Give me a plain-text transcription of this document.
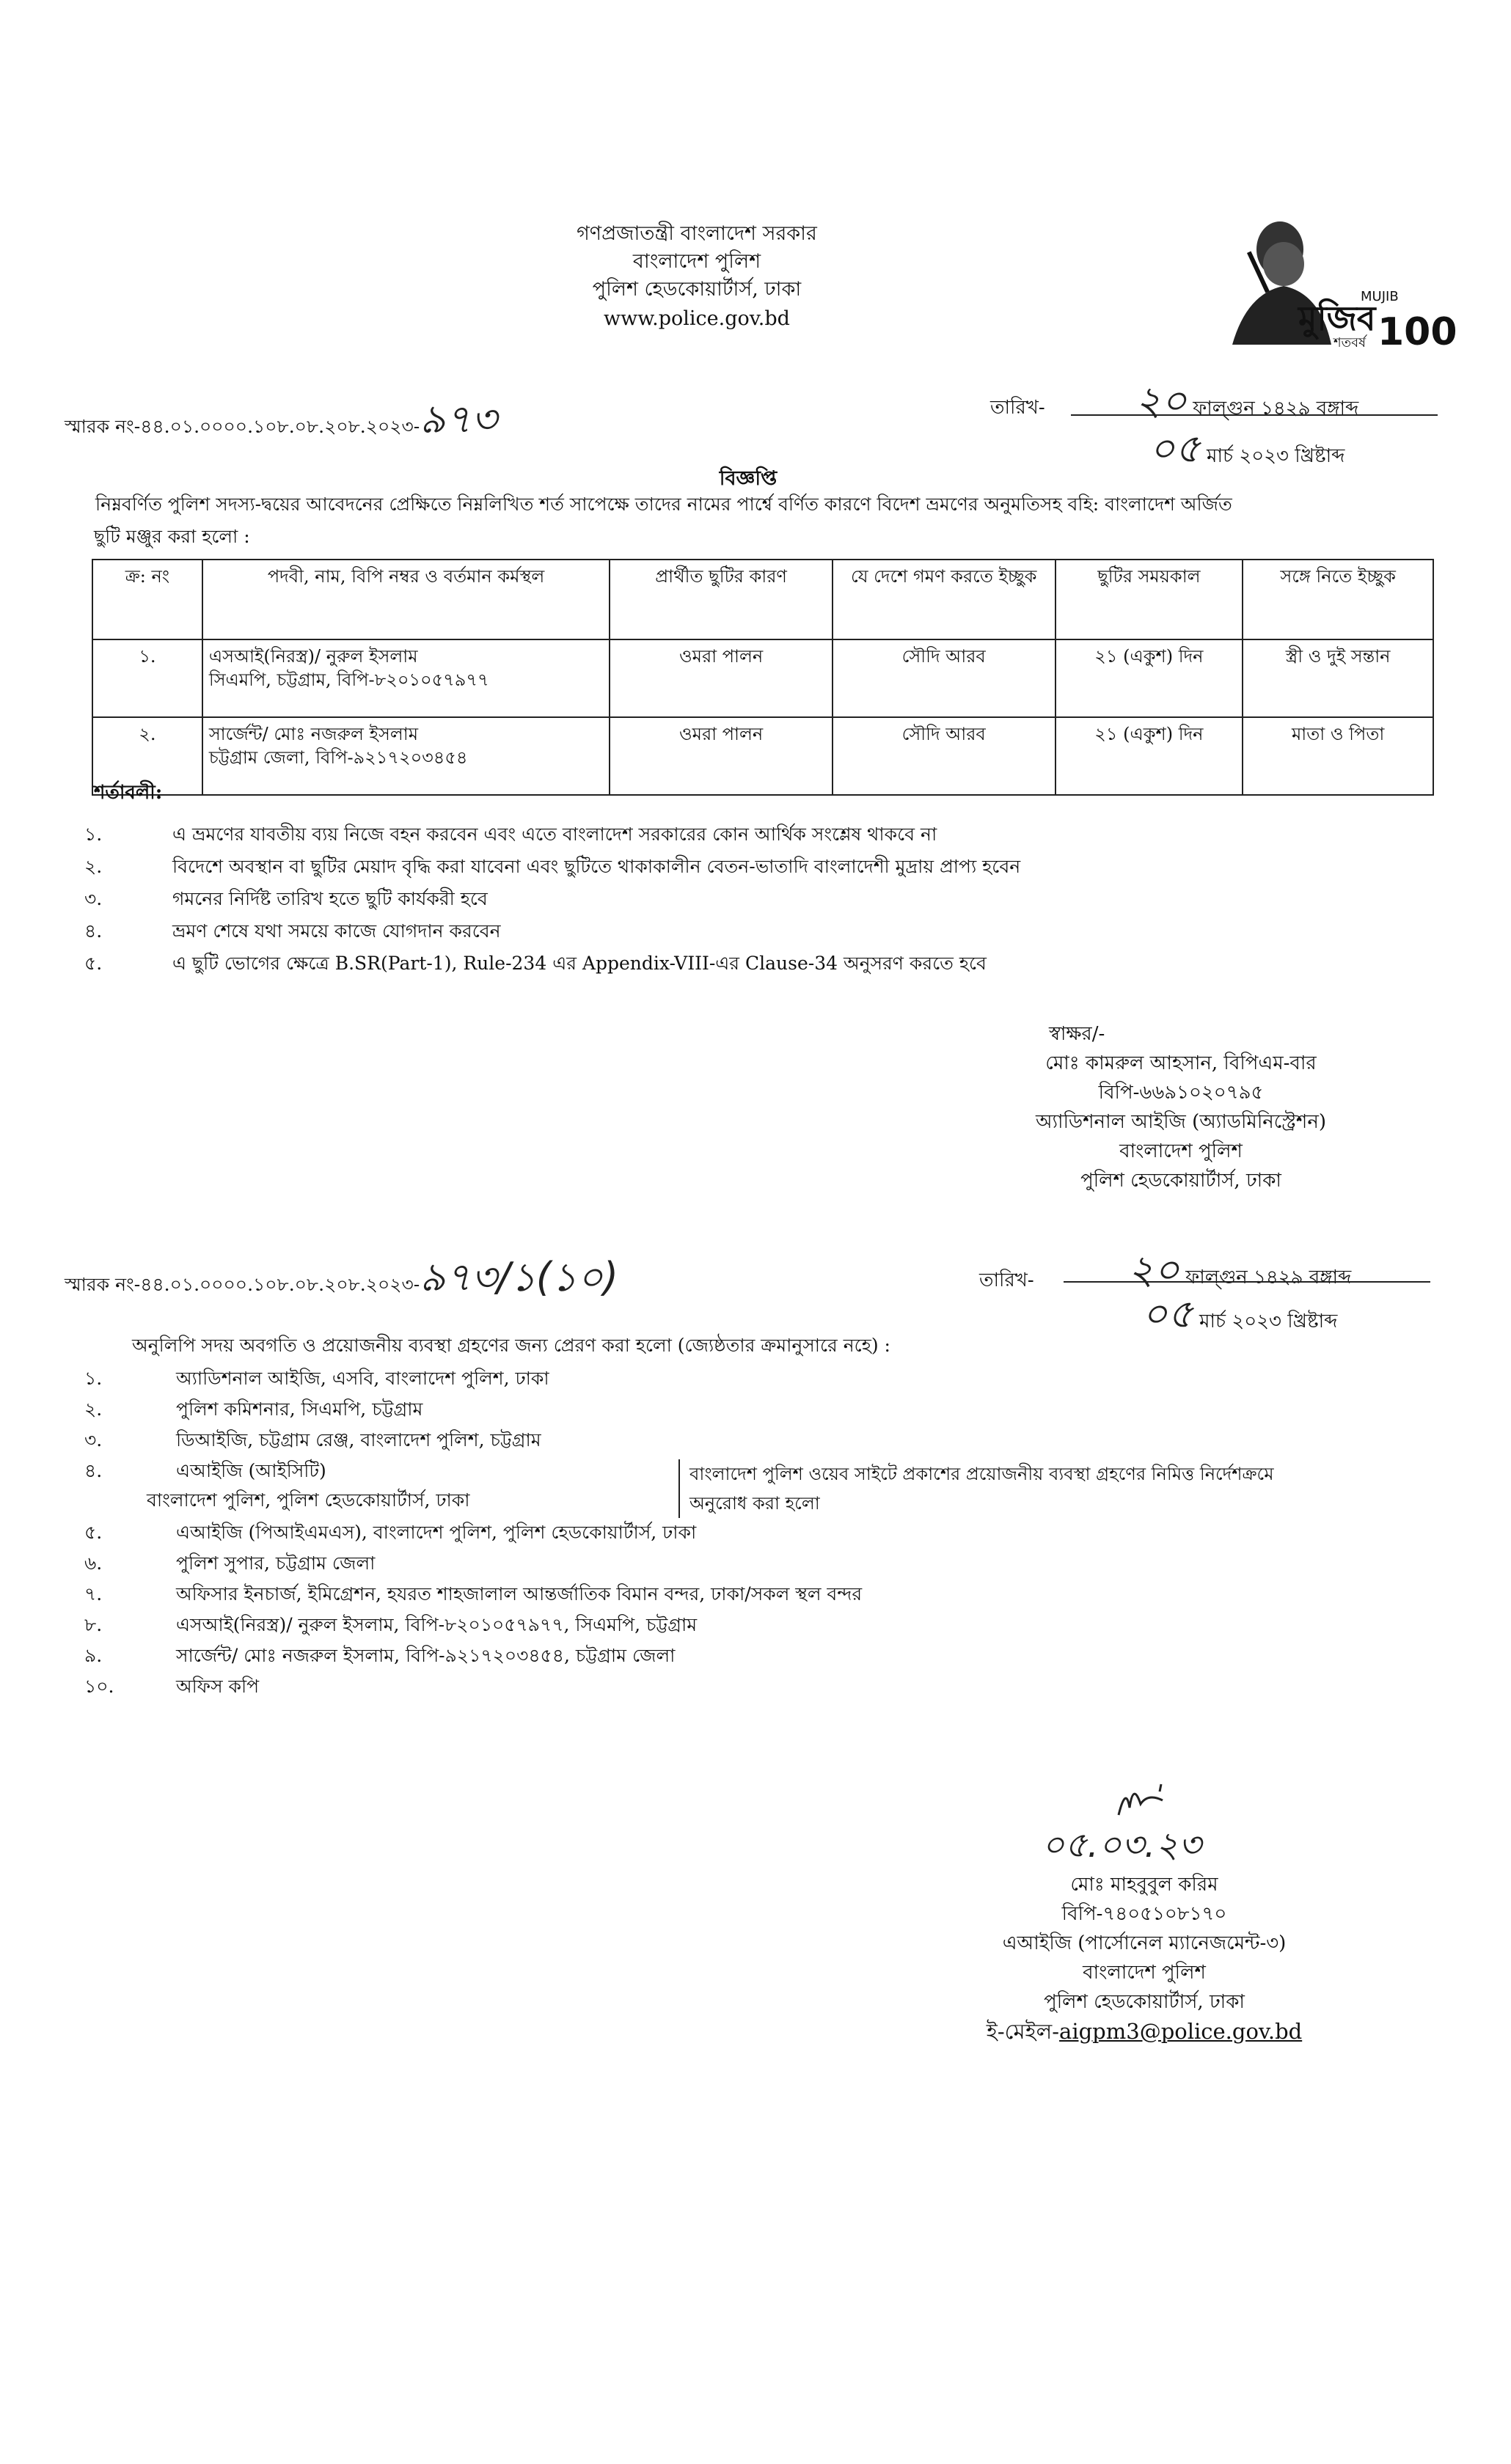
গণপ্রজাতন্ত্রী বাংলাদেশ সরকার
বাংলাদেশ পুলিশ
পুলিশ হেডকোয়ার্টার্স, ঢাকা
www.police.gov.bd	মুজিব
MUJIB
শতবর্ষ 100
স্মারক নং-৪৪.০১.০০০০.১০৮.০৮.২০৮.২০২৩-৯৭৩	তারিখ-	২০ ফাল্গুন ১৪২৯ বঙ্গাব্দ
০৫ মার্চ ২০২৩ খ্রিষ্টাব্দ
বিজ্ঞপ্তি
নিম্নবর্ণিত পুলিশ সদস্য-দ্বয়ের আবেদনের প্রেক্ষিতে নিম্নলিখিত শর্ত সাপেক্ষে তাদের নামের পার্শ্বে বর্ণিত কারণে বিদেশ ভ্রমণের অনুমতিসহ বহি: বাংলাদেশ অর্জিত
ছুটি মঞ্জুর করা হলো :
ক্র: নং	পদবী, নাম, বিপি নম্বর ও বর্তমান কর্মস্থল	প্রার্থীত ছুটির কারণ	যে দেশে গমণ করতে ইচ্ছুক	ছুটির সময়কাল	সঙ্গে নিতে ইচ্ছুক
১.	এসআই(নিরস্ত্র)/ নুরুল ইসলাম
সিএমপি, চট্টগ্রাম, বিপি-৮২০১০৫৭৯৭৭	ওমরা পালন	সৌদি আরব	২১ (একুশ) দিন	স্ত্রী ও দুই সন্তান
২.	সার্জেন্ট/ মোঃ নজরুল ইসলাম
চট্টগ্রাম জেলা, বিপি-৯২১৭২০৩৪৫৪	ওমরা পালন	সৌদি আরব	২১ (একুশ) দিন	মাতা ও পিতা
শর্তাবলী:
১.	এ ভ্রমণের যাবতীয় ব্যয় নিজে বহন করবেন এবং এতে বাংলাদেশ সরকারের কোন আর্থিক সংশ্লেষ থাকবে না
২.	বিদেশে অবস্থান বা ছুটির মেয়াদ বৃদ্ধি করা যাবেনা এবং ছুটিতে থাকাকালীন বেতন-ভাতাদি বাংলাদেশী মুদ্রায় প্রাপ্য হবেন
৩.	গমনের নির্দিষ্ট তারিখ হতে ছুটি কার্যকরী হবে
৪.	ভ্রমণ শেষে যথা সময়ে কাজে যোগদান করবেন
৫.	এ ছুটি ভোগের ক্ষেত্রে B.SR(Part-1), Rule-234 এর Appendix-VIII-এর Clause-34 অনুসরণ করতে হবে
স্বাক্ষর/-
মোঃ কামরুল আহসান, বিপিএম-বার
বিপি-৬৬৯১০২০৭৯৫
অ্যাডিশনাল আইজি (অ্যাডমিনিস্ট্রেশন)
বাংলাদেশ পুলিশ
পুলিশ হেডকোয়ার্টার্স, ঢাকা
স্মারক নং-৪৪.০১.০০০০.১০৮.০৮.২০৮.২০২৩-৯৭৩/১(১০)	তারিখ-	২০ ফাল্গুন ১৪২৯ বঙ্গাব্দ
০৫ মার্চ ২০২৩ খ্রিষ্টাব্দ
অনুলিপি সদয় অবগতি ও প্রয়োজনীয় ব্যবস্থা গ্রহণের জন্য প্রেরণ করা হলো (জ্যেষ্ঠতার ক্রমানুসারে নহে) :
১.	অ্যাডিশনাল আইজি, এসবি, বাংলাদেশ পুলিশ, ঢাকা
২.	পুলিশ কমিশনার, সিএমপি, চট্টগ্রাম
৩.	ডিআইজি, চট্টগ্রাম রেঞ্জ, বাংলাদেশ পুলিশ, চট্টগ্রাম
৪.	এআইজি (আইসিটি)
বাংলাদেশ পুলিশ, পুলিশ হেডকোয়ার্টার্স, ঢাকা
৫.	এআইজি (পিআইএমএস), বাংলাদেশ পুলিশ, পুলিশ হেডকোয়ার্টার্স, ঢাকা
৬.	পুলিশ সুপার, চট্টগ্রাম জেলা
৭.	অফিসার ইনচার্জ, ইমিগ্রেশন, হযরত শাহজালাল আন্তর্জাতিক বিমান বন্দর, ঢাকা/সকল স্থল বন্দর
৮.	এসআই(নিরস্ত্র)/ নুরুল ইসলাম, বিপি-৮২০১০৫৭৯৭৭, সিএমপি, চট্টগ্রাম
৯.	সার্জেন্ট/ মোঃ নজরুল ইসলাম, বিপি-৯২১৭২০৩৪৫৪, চট্টগ্রাম জেলা
১০.	অফিস কপি
বাংলাদেশ পুলিশ ওয়েব সাইটে প্রকাশের প্রয়োজনীয় ব্যবস্থা গ্রহণের নিমিত্ত নির্দেশক্রমে
অনুরোধ করা হলো
০৫.০৩.২৩
মোঃ মাহবুবুল করিম
বিপি-৭৪০৫১০৮১৭০
এআইজি (পার্সোনেল ম্যানেজমেন্ট-৩)
বাংলাদেশ পুলিশ
পুলিশ হেডকোয়ার্টার্স, ঢাকা
ই-মেইল-aigpm3@police.gov.bd
